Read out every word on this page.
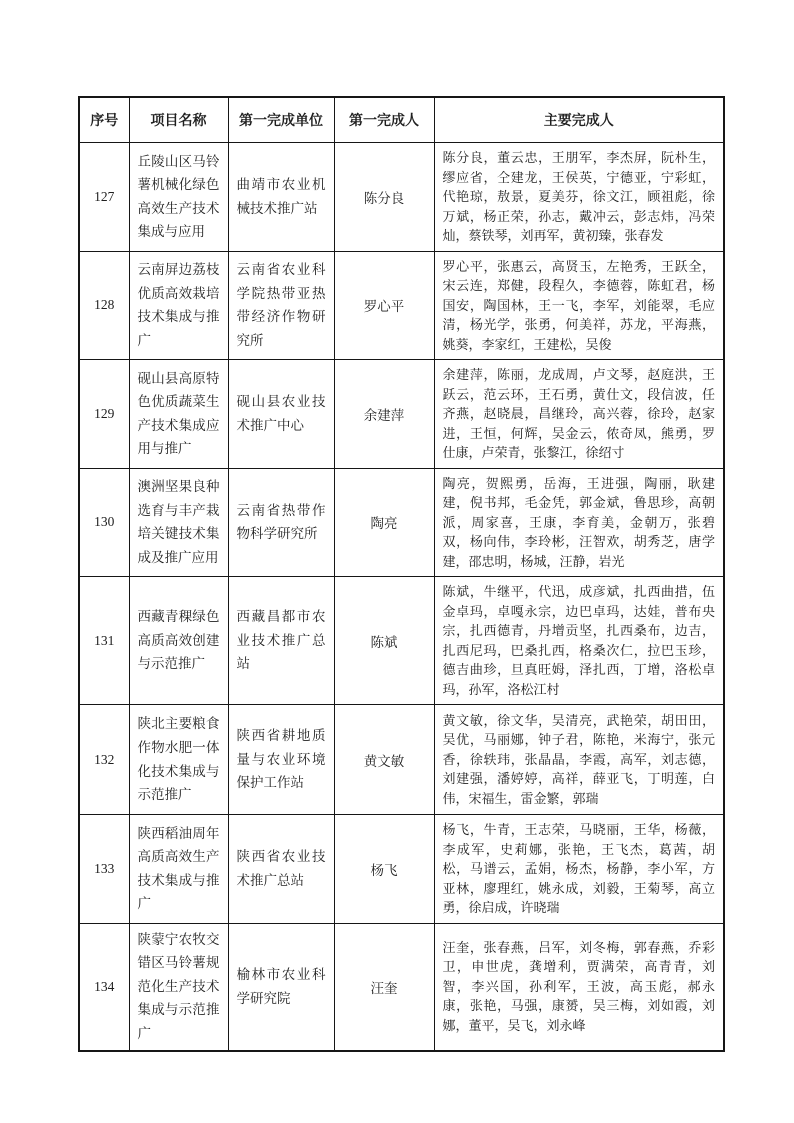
序号	项目名称	第一完成单位	第一完成人	主要完成人
127	丘陵山区马铃薯机械化绿色高效生产技术集成与应用	曲靖市农业机械技术推广站	陈分良	陈分良，董云忠，王朋军，李杰屏，阮朴生，缪应省，仝建龙，王侯英，宁德亚，宁彩虹，代艳琼，敖景，夏美芬，徐文江，顾祖彪，徐万斌，杨正荣，孙志，戴冲云，彭志炜，冯荣灿，蔡铁琴，刘再军，黄初臻，张春发
128	云南屏边荔枝优质高效栽培技术集成与推广	云南省农业科学院热带亚热带经济作物研究所	罗心平	罗心平，张惠云，高贤玉，左艳秀，王跃全，宋云连，郑健，段程久，李德蓉，陈虹君，杨国安，陶国林，王一飞，李军，刘能翠，毛应清，杨光学，张勇，何美祥，苏龙，平海燕，姚葵，李家红，王建松，吴俊
129	砚山县高原特色优质蔬菜生产技术集成应用与推广	砚山县农业技术推广中心	余建萍	余建萍，陈丽，龙成周，卢文琴，赵庭洪，王跃云，范云环，王石勇，黄仕文，段信波，任齐燕，赵晓晨，昌继玲，高兴蓉，徐玲，赵家进，王恒，何辉，吴金云，侬奇凤，熊勇，罗仕康，卢荣青，张黎江，徐绍寸
130	澳洲坚果良种选育与丰产栽培关键技术集成及推广应用	云南省热带作物科学研究所	陶亮	陶亮，贺熙勇，岳海，王进强，陶丽，耿建建，倪书邦，毛金凭，郭金斌，鲁思珍，高朝派，周家喜，王康，李育美，金朝万，张碧双，杨向伟，李玲彬，汪智欢，胡秀芝，唐学建，邵忠明，杨城，汪静，岩光
131	西藏青稞绿色高质高效创建与示范推广	西藏昌都市农业技术推广总站	陈斌	陈斌，牛继平，代迅，成彦斌，扎西曲措，伍金卓玛，卓嘎永宗，边巴卓玛，达娃，普布央宗，扎西德青，丹增贡坚，扎西桑布，边吉，扎西尼玛，巴桑扎西，格桑次仁，拉巴玉珍，德吉曲珍，旦真旺姆，泽扎西，丁增，洛松卓玛，孙军，洛松江村
132	陕北主要粮食作物水肥一体化技术集成与示范推广	陕西省耕地质量与农业环境保护工作站	黄文敏	黄文敏，徐文华，吴清亮，武艳荣，胡田田，吴优，马丽娜，钟子君，陈艳，米海宁，张元香，徐轶玮，张晶晶，李霞，高军，刘志德，刘建强，潘婷婷，高祥，薛亚飞，丁明莲，白伟，宋福生，雷金繁，郭瑞
133	陕西稻油周年高质高效生产技术集成与推广	陕西省农业技术推广总站	杨飞	杨飞，牛青，王志荣，马晓丽，王华，杨薇，李成军，史莉娜，张艳，王飞杰，葛茜，胡松，马谱云，孟娟，杨杰，杨静，李小军，方亚林，廖理红，姚永成，刘毅，王菊琴，高立勇，徐启成，许晓瑞
134	陕蒙宁农牧交错区马铃薯规范化生产技术集成与示范推广	榆林市农业科学研究院	汪奎	汪奎，张春燕，吕军，刘冬梅，郭春燕，乔彩卫，申世虎，龚增利，贾满荣，高青青，刘智，李兴国，孙利军，王波，高玉彪，郝永康，张艳，马强，康赟，吴三梅，刘如霞，刘娜，董平，吴飞，刘永峰
